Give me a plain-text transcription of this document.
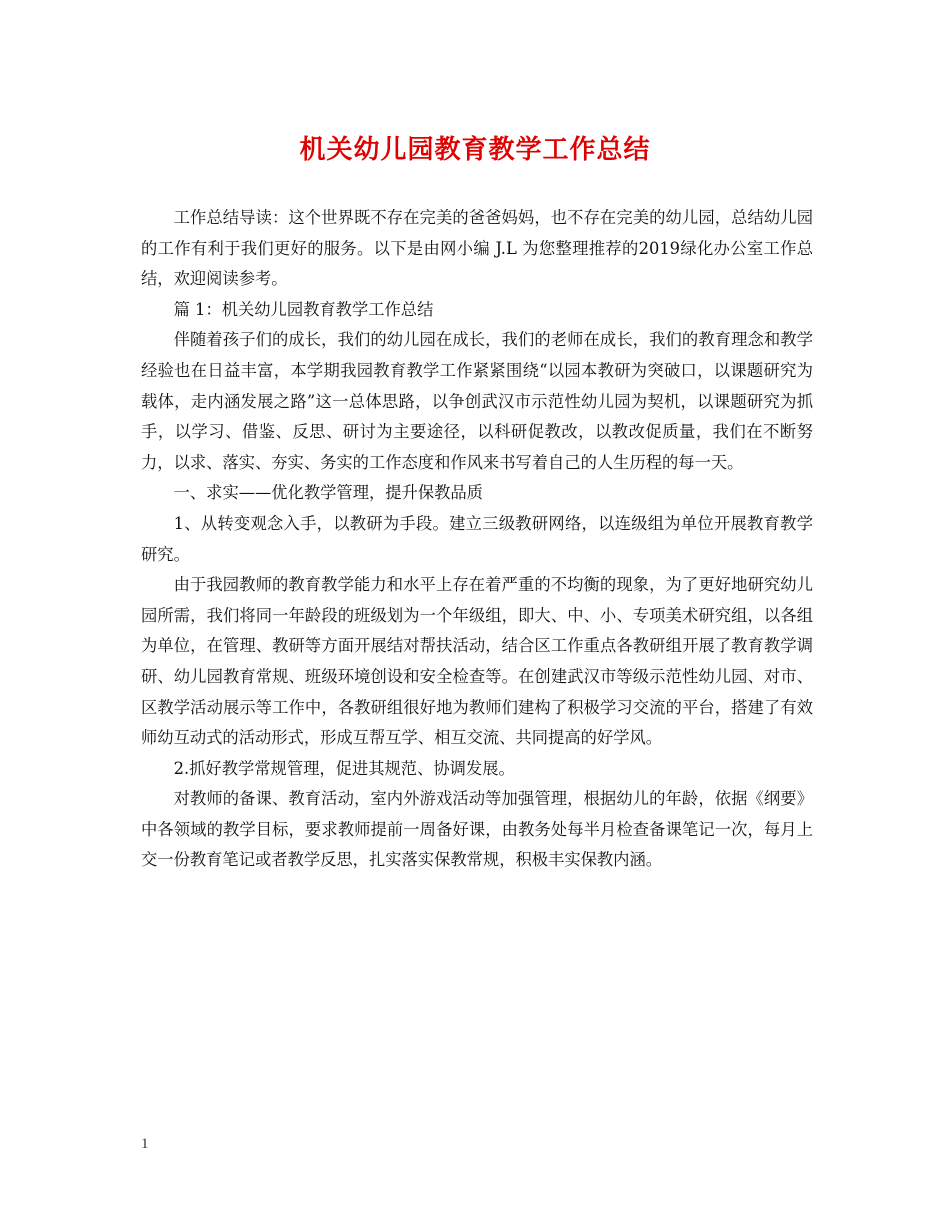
机关幼儿园教育教学工作总结

工作总结导读：这个世界既不存在完美的爸爸妈妈，也不存在完美的幼儿园，总结幼儿园的工作有利于我们更好的服务。以下是由网小编 J.L 为您整理推荐的2019绿化办公室工作总结，欢迎阅读参考。

篇 1：机关幼儿园教育教学工作总结

伴随着孩子们的成长，我们的幼儿园在成长，我们的老师在成长，我们的教育理念和教学经验也在日益丰富，本学期我园教育教学工作紧紧围绕“以园本教研为突破口，以课题研究为载体，走内涵发展之路”这一总体思路，以争创武汉市示范性幼儿园为契机，以课题研究为抓手，以学习、借鉴、反思、研讨为主要途径，以科研促教改，以教改促质量，我们在不断努力，以求、落实、夯实、务实的工作态度和作风来书写着自己的人生历程的每一天。

一、求实——优化教学管理，提升保教品质

1、从转变观念入手，以教研为手段。建立三级教研网络，以连级组为单位开展教育教学研究。

由于我园教师的教育教学能力和水平上存在着严重的不均衡的现象，为了更好地研究幼儿园所需，我们将同一年龄段的班级划为一个年级组，即大、中、小、专项美术研究组，以各组为单位，在管理、教研等方面开展结对帮扶活动，结合区工作重点各教研组开展了教育教学调研、幼儿园教育常规、班级环境创设和安全检查等。在创建武汉市等级示范性幼儿园、对市、区教学活动展示等工作中，各教研组很好地为教师们建构了积极学习交流的平台，搭建了有效师幼互动式的活动形式，形成互帮互学、相互交流、共同提高的好学风。

2.抓好教学常规管理，促进其规范、协调发展。

对教师的备课、教育活动，室内外游戏活动等加强管理，根据幼儿的年龄，依据《纲要》中各领域的教学目标，要求教师提前一周备好课，由教务处每半月检查备课笔记一次，每月上交一份教育笔记或者教学反思，扎实落实保教常规，积极丰实保教内涵。

1
